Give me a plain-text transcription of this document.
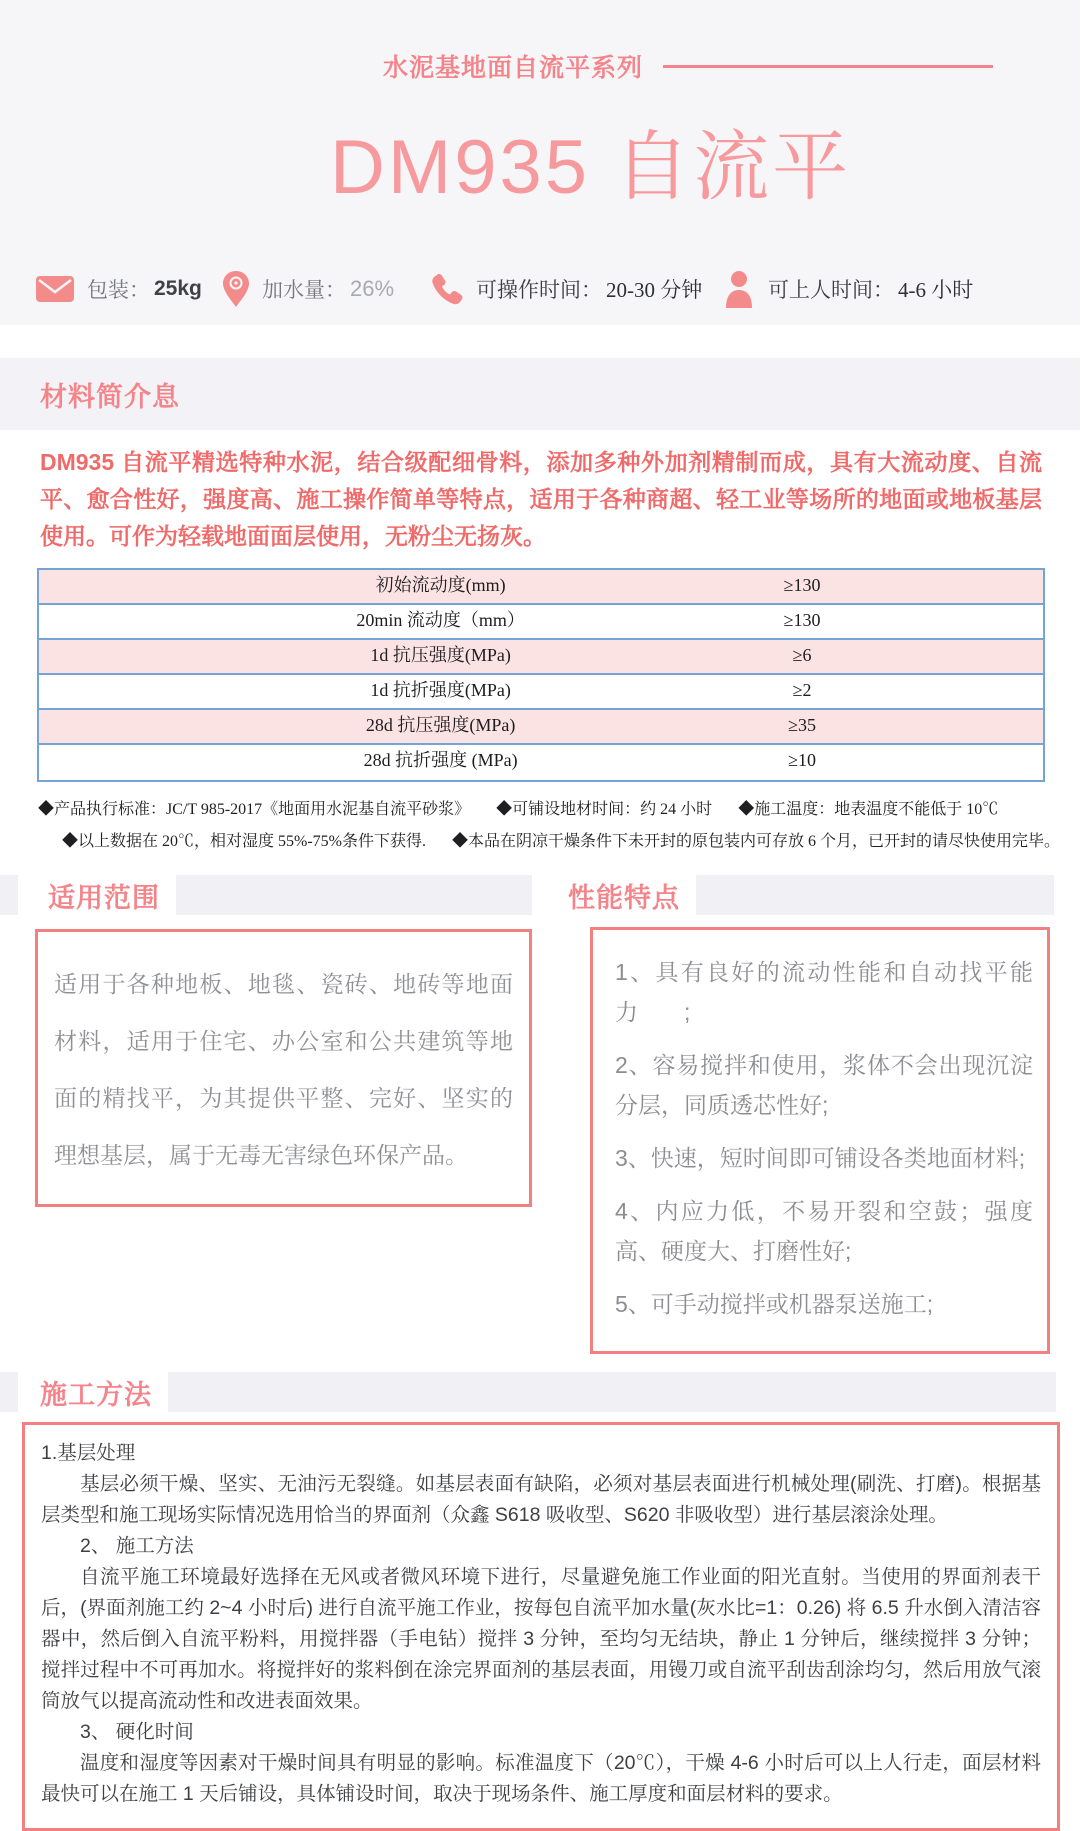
水泥基地面自流平系列
DM935 自流平
包装： 25kg	加水量： 26%	可操作时间： 20-30 分钟	可上人时间： 4-6 小时
材料简介息
DM935 自流平精选特种水泥，结合级配细骨料，添加多种外加剂精制而成，具有大流动度、自流平、愈合性好，强度高、施工操作简单等特点，适用于各种商超、轻工业等场所的地面或地板基层使用。可作为轻载地面面层使用，无粉尘无扬灰。
初始流动度(mm)	≥130
20min 流动度（mm）	≥130
1d 抗压强度(MPa)	≥6
1d 抗折强度(MPa)	≥2
28d 抗压强度(MPa)	≥35
28d 抗折强度 (MPa)	≥10
◆产品执行标准：JC/T 985-2017《地面用水泥基自流平砂浆》 ◆可铺设地材时间：约 24 小时 ◆施工温度：地表温度不能低于 10℃
◆以上数据在 20℃，相对湿度 55%-75%条件下获得. ◆本品在阴凉干燥条件下未开封的原包装内可存放 6 个月，已开封的请尽快使用完毕。
适用范围
适用于各种地板、地毯、瓷砖、地砖等地面材料，适用于住宅、办公室和公共建筑等地面的精找平，为其提供平整、完好、坚实的理想基层，属于无毒无害绿色环保产品。
性能特点
1、具有良好的流动性能和自动找平能力　　;
2、容易搅拌和使用，浆体不会出现沉淀分层，同质透芯性好;
3、快速，短时间即可铺设各类地面材料;
4、内应力低，不易开裂和空鼓；强度高、硬度大、打磨性好;
5、可手动搅拌或机器泵送施工;
施工方法

1.基层处理

基层必须干燥、坚实、无油污无裂缝。如基层表面有缺陷，必须对基层表面进行机械处理(刷洗、打磨)。根据基层类型和施工现场实际情况选用恰当的界面剂（众鑫 S618 吸收型、S620 非吸收型）进行基层滚涂处理。

2、 施工方法

自流平施工环境最好选择在无风或者微风环境下进行，尽量避免施工作业面的阳光直射。当使用的界面剂表干后，(界面剂施工约 2~4 小时后) 进行自流平施工作业，按每包自流平加水量(灰水比=1：0.26) 将 6.5 升水倒入清洁容器中，然后倒入自流平粉料，用搅拌器（手电钻）搅拌 3 分钟，至均匀无结块，静止 1 分钟后，继续搅拌 3 分钟；搅拌过程中不可再加水。将搅拌好的浆料倒在涂完界面剂的基层表面，用镘刀或自流平刮齿刮涂均匀，然后用放气滚筒放气以提高流动性和改进表面效果。

3、 硬化时间

温度和湿度等因素对干燥时间具有明显的影响。标准温度下（20℃），干燥 4-6 小时后可以上人行走，面层材料最快可以在施工 1 天后铺设，具体铺设时间，取决于现场条件、施工厚度和面层材料的要求。
